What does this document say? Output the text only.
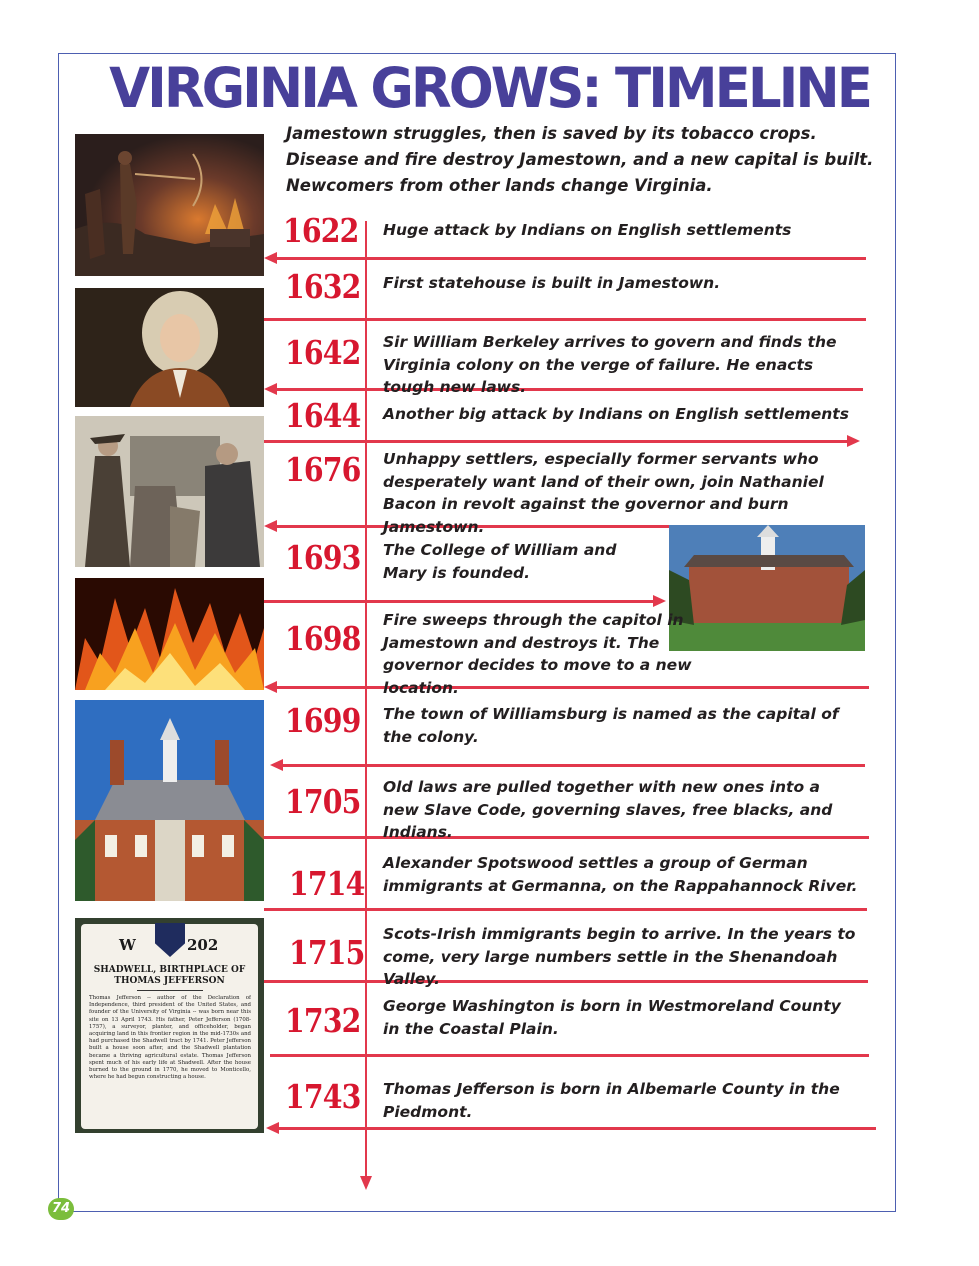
VIRGINIA GROWS: TIMELINE
Jamestown struggles, then is saved by its tobacco crops.
Disease and fire destroy Jamestown, and a new capital is built.
Newcomers from other lands change Virginia.
W	202
SHADWELL, BIRTHPLACE OF
THOMAS JEFFERSON
Thomas Jefferson -- author of the Declaration of Independence, third president of the United States, and founder of the University of Virginia -- was born near this site on 13 April 1743. His father, Peter Jefferson (1708-1757), a surveyor, planter, and officeholder, began acquiring land in this frontier region in the mid-1730s and had purchased the Shadwell tract by 1741. Peter Jefferson built a house soon after, and the Shadwell plantation became a thriving agricultural estate. Thomas Jefferson spent much of his early life at Shadwell. After the house burned to the ground in 1770, he moved to Monticello, where he had begun constructing a house.
1622
1632
1642
1644
1676
1693
1698
1699
1705
1714
1715
1732
1743
Huge attack by Indians on English settlements
First statehouse is built in Jamestown.
Sir William Berkeley arrives to govern and finds the Virginia colony on the verge of failure. He enacts tough new laws.
Another big attack by Indians on English settlements
Unhappy settlers, especially former servants who desperately want land of their own, join Nathaniel Bacon in revolt against the governor and burn Jamestown.
The College of William and Mary is founded.
Fire sweeps through the capitol in Jamestown and destroys it. The governor decides to move to a new location.
The town of Williamsburg is named as the capital of the colony.
Old laws are pulled together with new ones into a new Slave Code, governing slaves, free blacks, and Indians.
Alexander Spotswood settles a group of German immigrants at Germanna, on the Rappahannock River.
Scots-Irish immigrants begin to arrive. In the years to come, very large numbers settle in the Shenandoah Valley.
George Washington is born in Westmoreland County in the Coastal Plain.
Thomas Jefferson is born in Albemarle County in the Piedmont.
74
